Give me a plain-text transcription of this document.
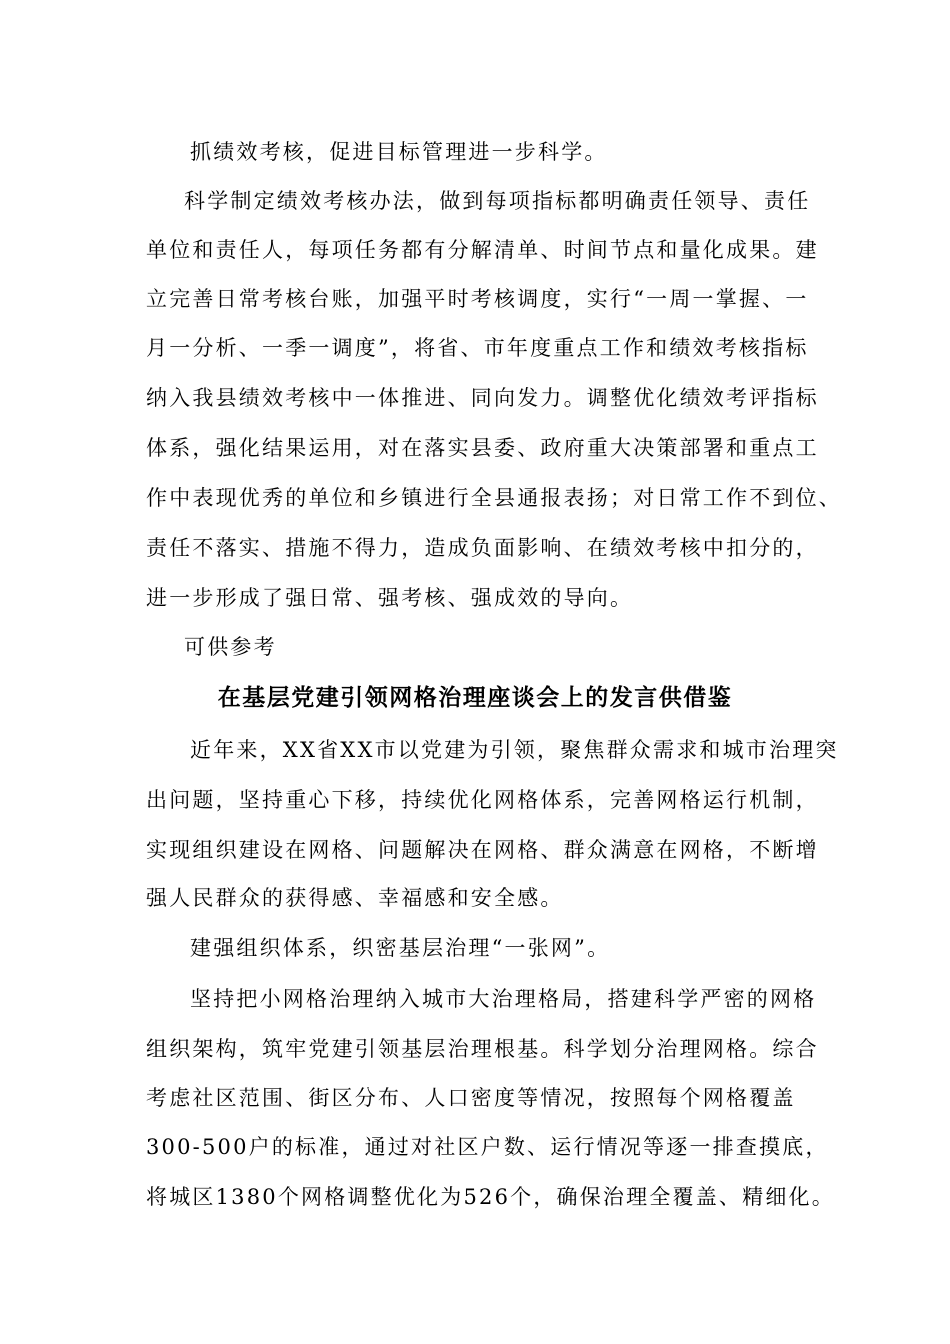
抓绩效考核，促进目标管理进一步科学。
科学制定绩效考核办法，做到每项指标都明确责任领导、责任
单位和责任人，每项任务都有分解清单、时间节点和量化成果。建
立完善日常考核台账，加强平时考核调度，实行“一周一掌握、一
月一分析、一季一调度”，将省、市年度重点工作和绩效考核指标
纳入我县绩效考核中一体推进、同向发力。调整优化绩效考评指标
体系，强化结果运用，对在落实县委、政府重大决策部署和重点工
作中表现优秀的单位和乡镇进行全县通报表扬；对日常工作不到位、
责任不落实、措施不得力，造成负面影响、在绩效考核中扣分的，
进一步形成了强日常、强考核、强成效的导向。
可供参考
在基层党建引领网格治理座谈会上的发言供借鉴
近年来，XX省XX市以党建为引领，聚焦群众需求和城市治理突
出问题，坚持重心下移，持续优化网格体系，完善网格运行机制，
实现组织建设在网格、问题解决在网格、群众满意在网格，不断增
强人民群众的获得感、幸福感和安全感。
建强组织体系，织密基层治理“一张网”。
坚持把小网格治理纳入城市大治理格局，搭建科学严密的网格
组织架构，筑牢党建引领基层治理根基。科学划分治理网格。综合
考虑社区范围、街区分布、人口密度等情况，按照每个网格覆盖
300-500户的标准，通过对社区户数、运行情况等逐一排查摸底，
将城区1380个网格调整优化为526个，确保治理全覆盖、精细化。
